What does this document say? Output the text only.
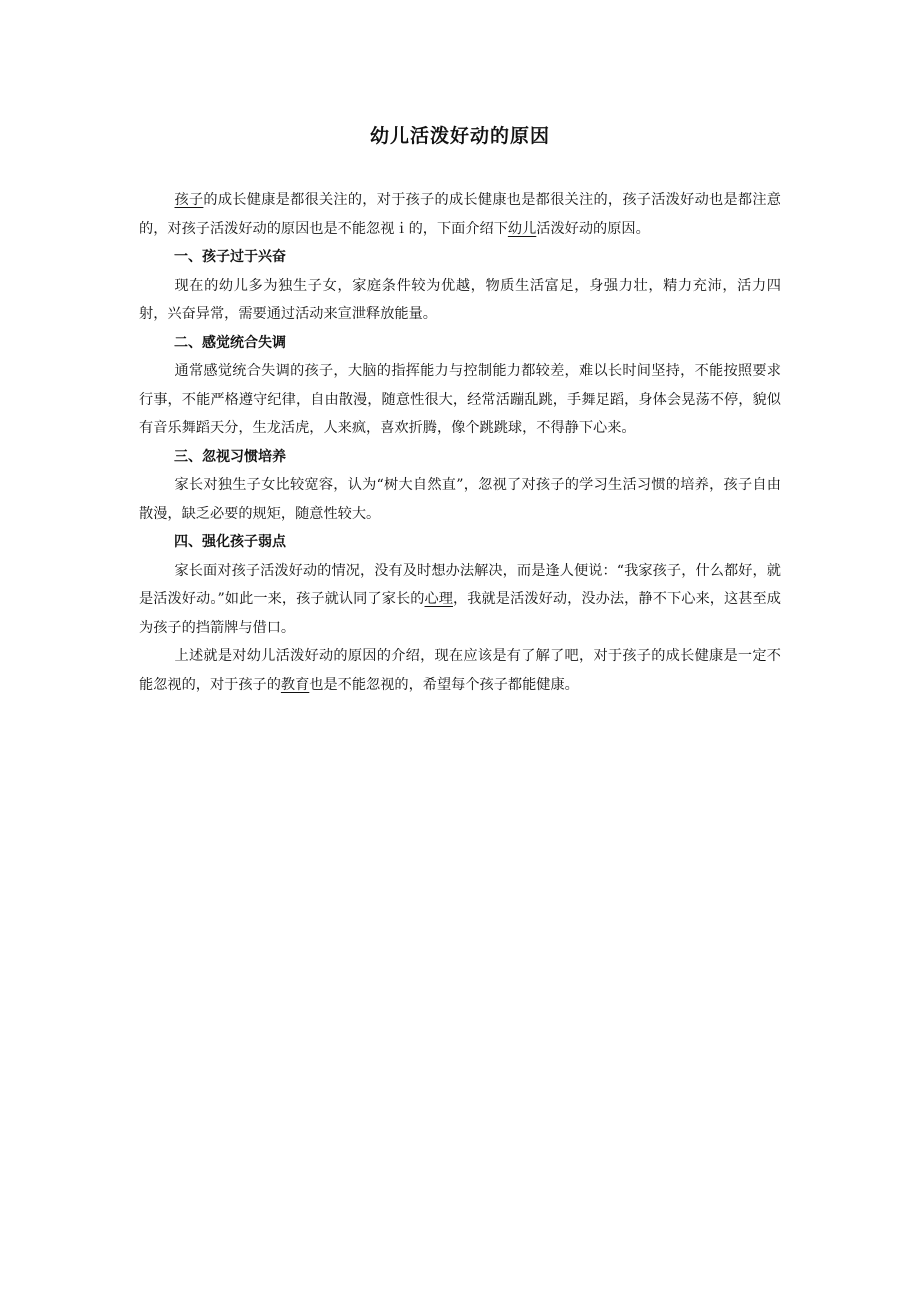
幼儿活泼好动的原因

孩子的成长健康是都很关注的，对于孩子的成长健康也是都很关注的，孩子活泼好动也是都注意的，对孩子活泼好动的原因也是不能忽视ｉ的，下面介绍下幼儿活泼好动的原因。

一、孩子过于兴奋

现在的幼儿多为独生子女，家庭条件较为优越，物质生活富足，身强力壮，精力充沛，活力四射，兴奋异常，需要通过活动来宣泄释放能量。

二、感觉统合失调

通常感觉统合失调的孩子，大脑的指挥能力与控制能力都较差，难以长时间坚持，不能按照要求行事，不能严格遵守纪律，自由散漫，随意性很大，经常活蹦乱跳，手舞足蹈，身体会晃荡不停，貌似有音乐舞蹈天分，生龙活虎，人来疯，喜欢折腾，像个跳跳球，不得静下心来。

三、忽视习惯培养

家长对独生子女比较宽容，认为“树大自然直”，忽视了对孩子的学习生活习惯的培养，孩子自由散漫，缺乏必要的规矩，随意性较大。

四、强化孩子弱点

家长面对孩子活泼好动的情况，没有及时想办法解决，而是逢人便说：“我家孩子，什么都好，就是活泼好动。”如此一来，孩子就认同了家长的心理，我就是活泼好动，没办法，静不下心来，这甚至成为孩子的挡箭牌与借口。

上述就是对幼儿活泼好动的原因的介绍，现在应该是有了解了吧，对于孩子的成长健康是一定不能忽视的，对于孩子的教育也是不能忽视的，希望每个孩子都能健康。
